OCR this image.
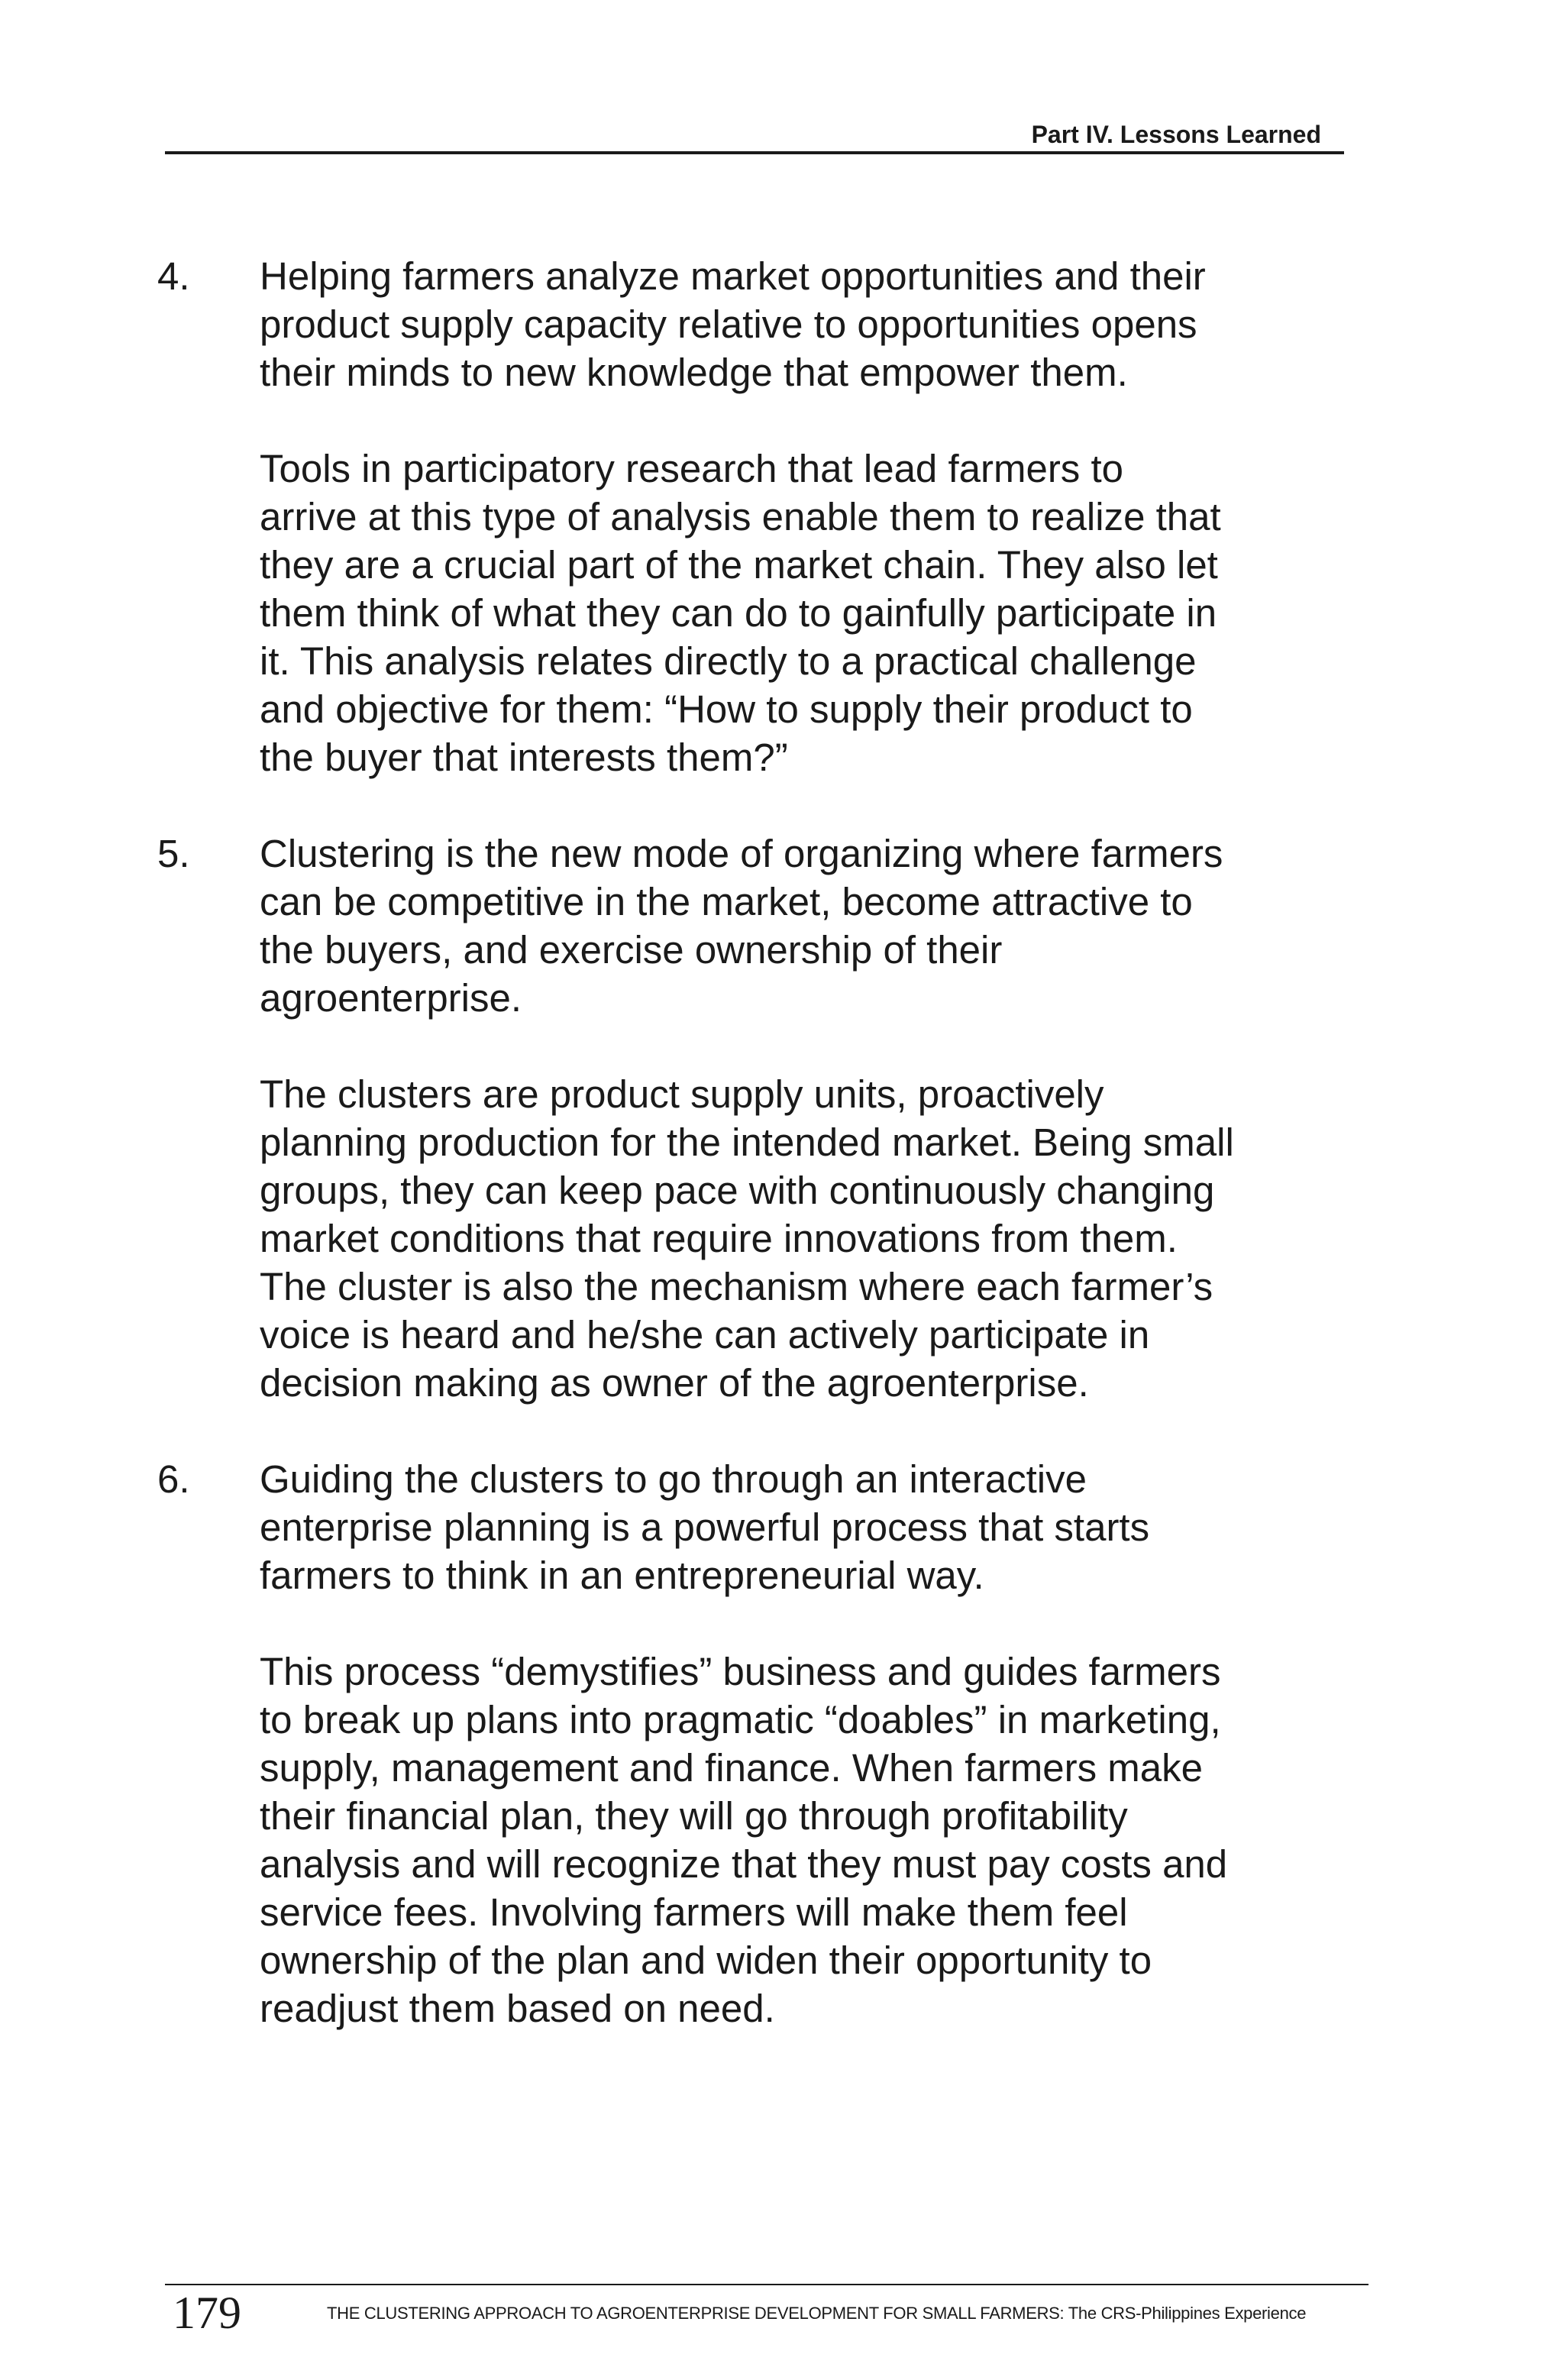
Part IV. Lessons Learned
4. Helping farmers analyze market opportunities and their
product supply capacity relative to opportunities opens
their minds to new knowledge that empower them.

Tools in participatory research that lead farmers to
arrive at this type of analysis enable them to realize that
they are a crucial part of the market chain. They also let
them think of what they can do to gainfully participate in
it. This analysis relates directly to a practical challenge
and objective for them: “How to supply their product to
the buyer that interests them?”

5. Clustering is the new mode of organizing where farmers
can be competitive in the market, become attractive to
the buyers, and exercise ownership of their
agroenterprise.

The clusters are product supply units, proactively
planning production for the intended market. Being small
groups, they can keep pace with continuously changing
market conditions that require innovations from them.
The cluster is also the mechanism where each farmer’s
voice is heard and he/she can actively participate in
decision making as owner of the agroenterprise.

6. Guiding the clusters to go through an interactive
enterprise planning is a powerful process that starts
farmers to think in an entrepreneurial way.

This process “demystifies” business and guides farmers
to break up plans into pragmatic “doables” in marketing,
supply, management and finance. When farmers make
their financial plan, they will go through profitability
analysis and will recognize that they must pay costs and
service fees. Involving farmers will make them feel
ownership of the plan and widen their opportunity to
readjust them based on need.

179	THE CLUSTERING APPROACH TO AGROENTERPRISE DEVELOPMENT FOR SMALL FARMERS: The CRS-Philippines Experience
